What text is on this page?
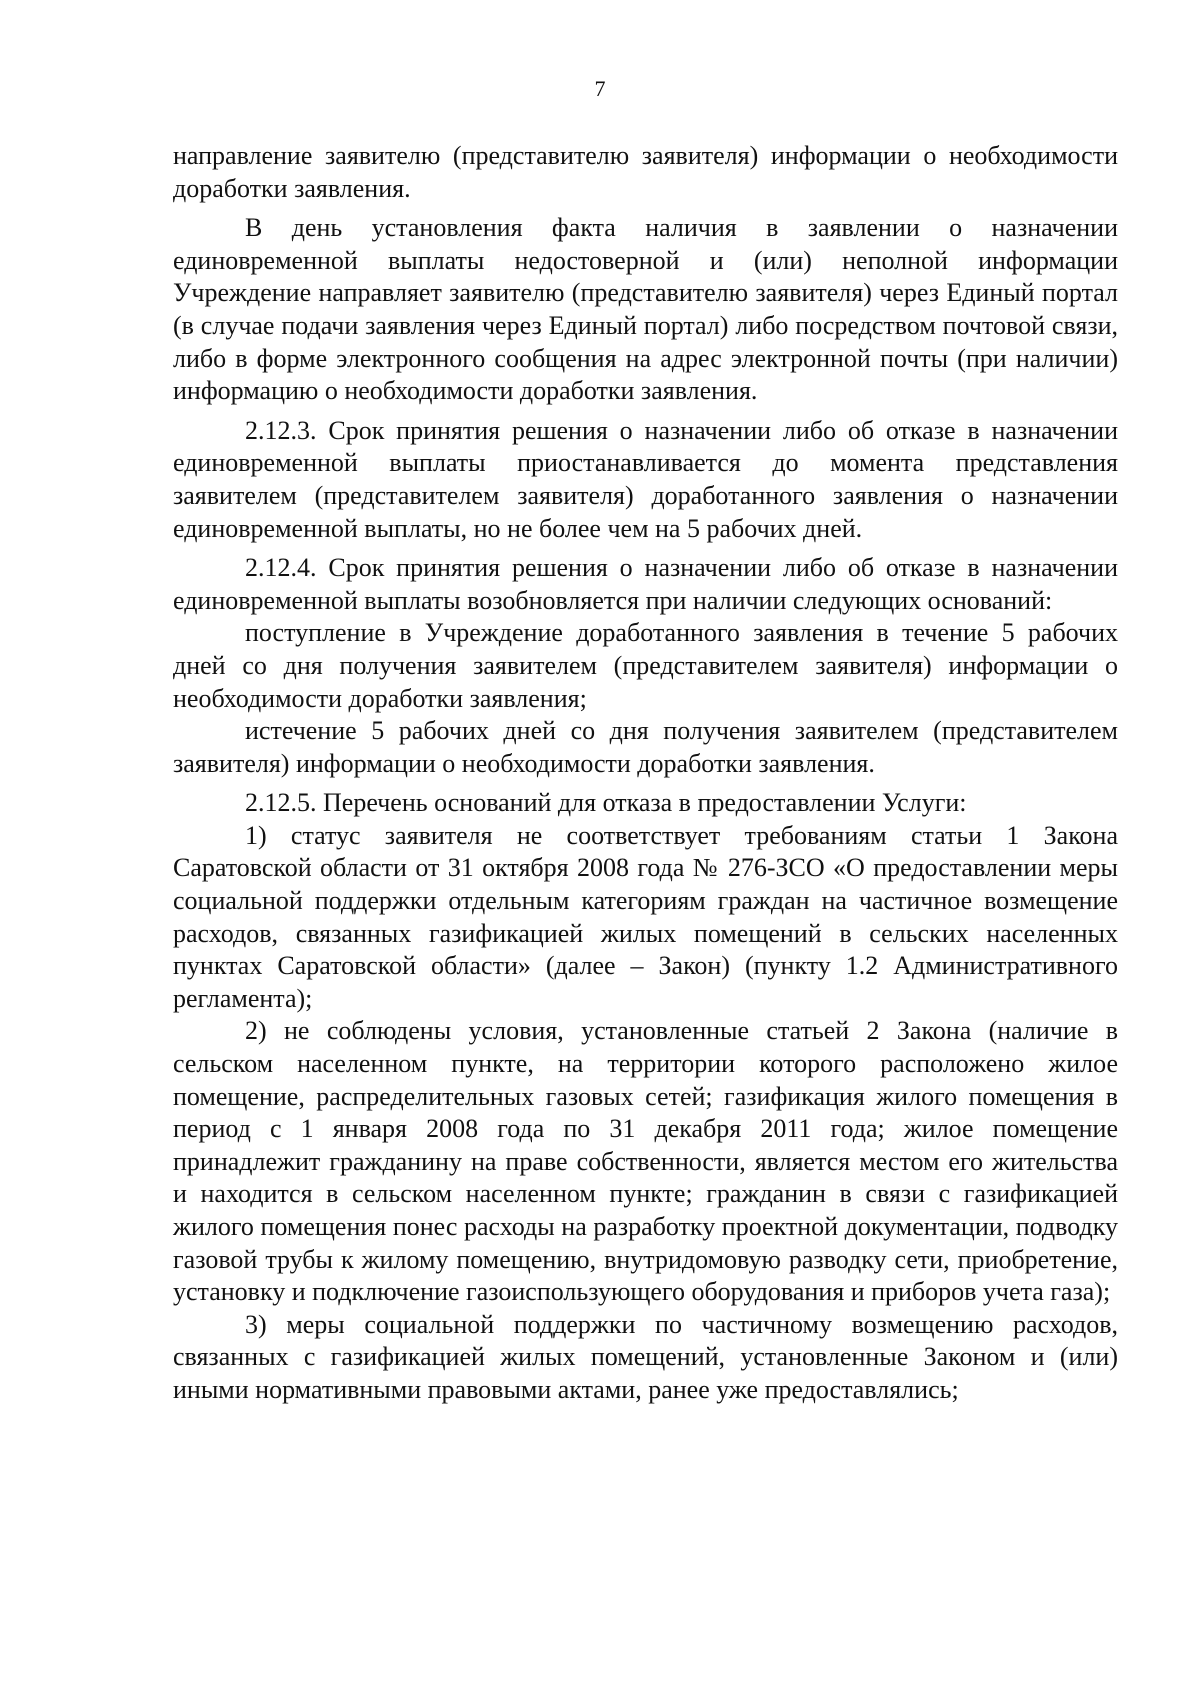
7

направление заявителю (представителю заявителя) информации о необходимости доработки заявления.

В день установления факта наличия в заявлении о назначении единовременной выплаты недостоверной и (или) неполной информации Учреждение направляет заявителю (представителю заявителя) через Единый портал (в случае подачи заявления через Единый портал) либо посредством почтовой связи, либо в форме электронного сообщения на адрес электронной почты (при наличии) информацию о необходимости доработки заявления.

2.12.3. Срок принятия решения о назначении либо об отказе в назначении единовременной выплаты приостанавливается до момента представления заявителем (представителем заявителя) доработанного заявления о назначении единовременной выплаты, но не более чем на 5 рабочих дней.

2.12.4. Срок принятия решения о назначении либо об отказе в назначении единовременной выплаты возобновляется при наличии следующих оснований:

поступление в Учреждение доработанного заявления в течение 5 рабочих дней со дня получения заявителем (представителем заявителя) информации о необходимости доработки заявления;

истечение 5 рабочих дней со дня получения заявителем (представителем заявителя) информации о необходимости доработки заявления.

2.12.5. Перечень оснований для отказа в предоставлении Услуги:

1) статус заявителя не соответствует требованиям статьи 1 Закона Саратовской области от 31 октября 2008 года № 276-ЗСО «О предоставлении меры социальной поддержки отдельным категориям граждан на частичное возмещение расходов, связанных газификацией жилых помещений в сельских населенных пунктах Саратовской области» (далее – Закон) (пункту 1.2 Административного регламента);

2) не соблюдены условия, установленные статьей 2 Закона (наличие в сельском населенном пункте, на территории которого расположено жилое помещение, распределительных газовых сетей; газификация жилого помещения в период с 1 января 2008 года по 31 декабря 2011 года; жилое помещение принадлежит гражданину на праве собственности, является местом его жительства и находится в сельском населенном пункте; гражданин в связи с газификацией жилого помещения понес расходы на разработку проектной документации, подводку газовой трубы к жилому помещению, внутридомовую разводку сети, приобретение, установку и подключение газоиспользующего оборудования и приборов учета газа);

3) меры социальной поддержки по частичному возмещению расходов, связанных с газификацией жилых помещений, установленные Законом и (или) иными нормативными правовыми актами, ранее уже предоставлялись;
